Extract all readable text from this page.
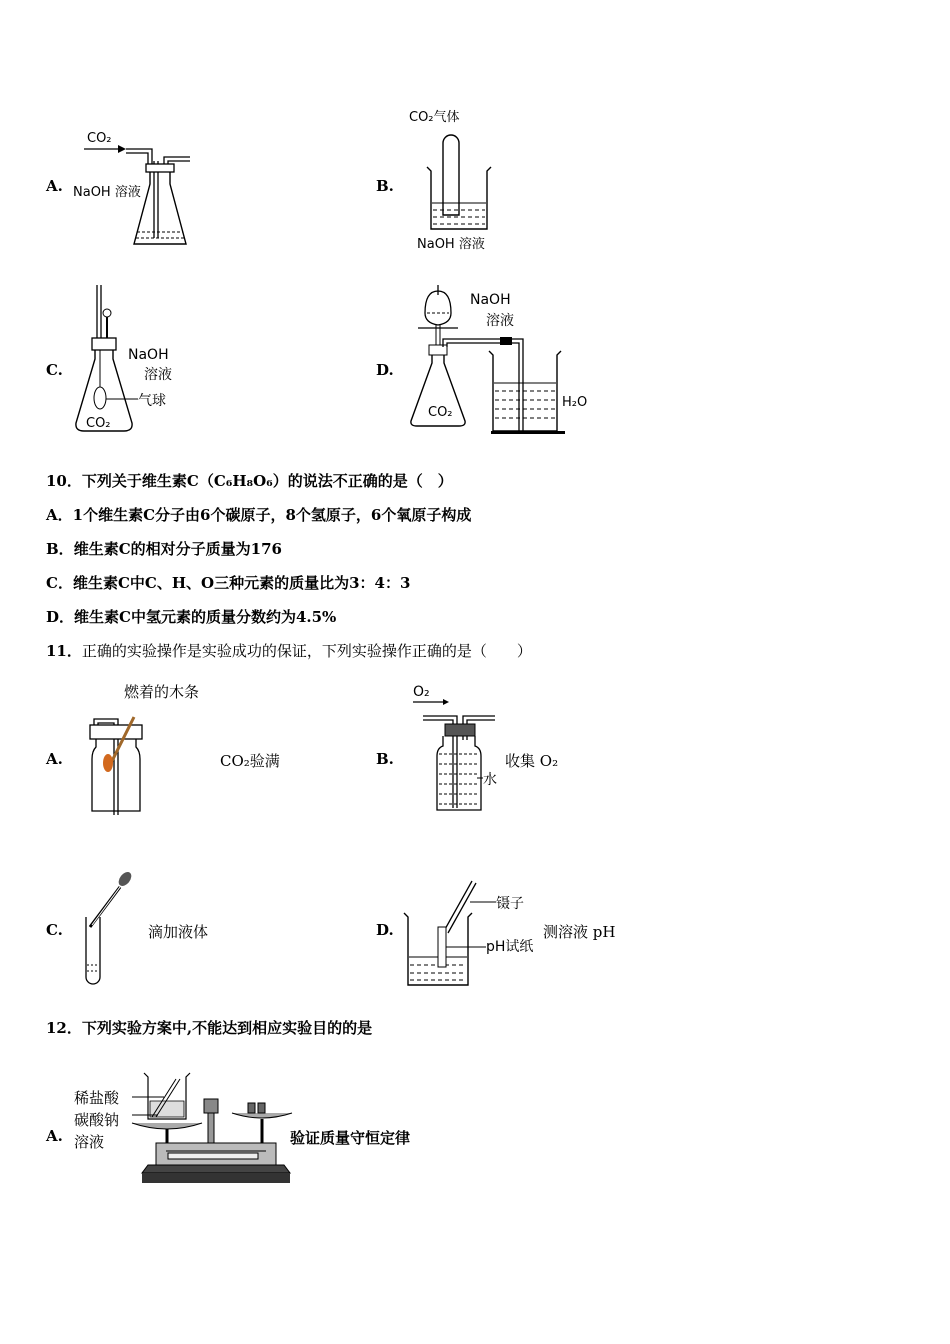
A.
CO₂
NaOH 溶液	B.
CO₂气体
NaOH 溶液
C.
NaOH
溶液
气球
CO₂
D.
NaOH
溶液
CO₂
H₂O
10．下列关于维生素C（C₆H₈O₆）的说法不正确的是（　）
A．1个维生素C分子由6个碳原子，8个氢原子，6个氧原子构成
B．维生素C的相对分子质量为176
C．维生素C中C、H、O三种元素的质量比为3：4：3
D．维生素C中氢元素的质量分数约为4.5%
11．正确的实验操作是实验成功的保证，下列实验操作正确的是（　　）
A.
燃着的木条
CO₂验满	B.
O₂
水
收集 O₂
C.	滴加液体	D.
镊子
pH试纸
测溶液 pH
12．下列实验方案中,不能达到相应实验目的的是
A.
稀盐酸
碳酸钠
溶液	验证质量守恒定律
